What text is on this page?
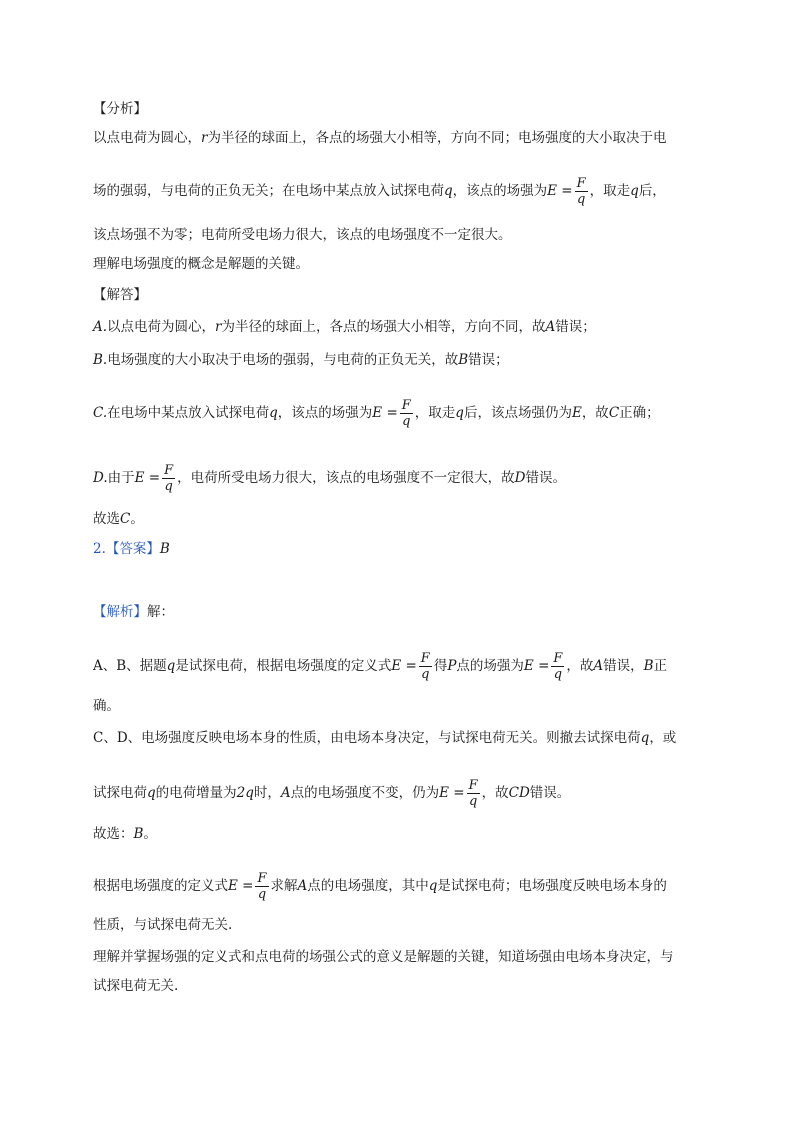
【分析】
以点电荷为圆心，r为半径的球面上，各点的场强大小相等，方向不同；电场强度的大小取决于电
场的强弱，与电荷的正负无关；在电场中某点放入试探电荷q，该点的场强为$E = \frac{F}{q}$ ，取走q后，
该点场强不为零；电荷所受电场力很大，该点的电场强度不一定很大。
理解电场强度的概念是解题的关键。
【解答】
A.以点电荷为圆心，r为半径的球面上，各点的场强大小相等，方向不同，故A错误；
B.电场强度的大小取决于电场的强弱，与电荷的正负无关，故B错误；
C.在电场中某点放入试探电荷q，该点的场强为$E = \frac{F}{q}$ ，取走q后，该点场强仍为E，故C正确；
D.由于$E = \frac{F}{q}$ ，电荷所受电场力很大，该点的电场强度不一定很大，故D错误。
故选C。
2.【答案】B
【解析】解：
A、B、据题q是试探电荷，根据电场强度的定义式$E = \frac{F}{q}$ 得P点的场强为$E = \frac{F}{q}$ ，故A错误，B正
确。
C、D、电场强度反映电场本身的性质，由电场本身决定，与试探电荷无关。则撤去试探电荷q，或
试探电荷q的电荷增量为2q时，A点的电场强度不变，仍为$E = \frac{F}{q}$ ，故CD错误。
故选：B。
根据电场强度的定义式$E = \frac{F}{q}$ 求解A点的电场强度，其中q是试探电荷；电场强度反映电场本身的
性质，与试探电荷无关.
理解并掌握场强的定义式和点电荷的场强公式的意义是解题的关键，知道场强由电场本身决定，与
试探电荷无关.
